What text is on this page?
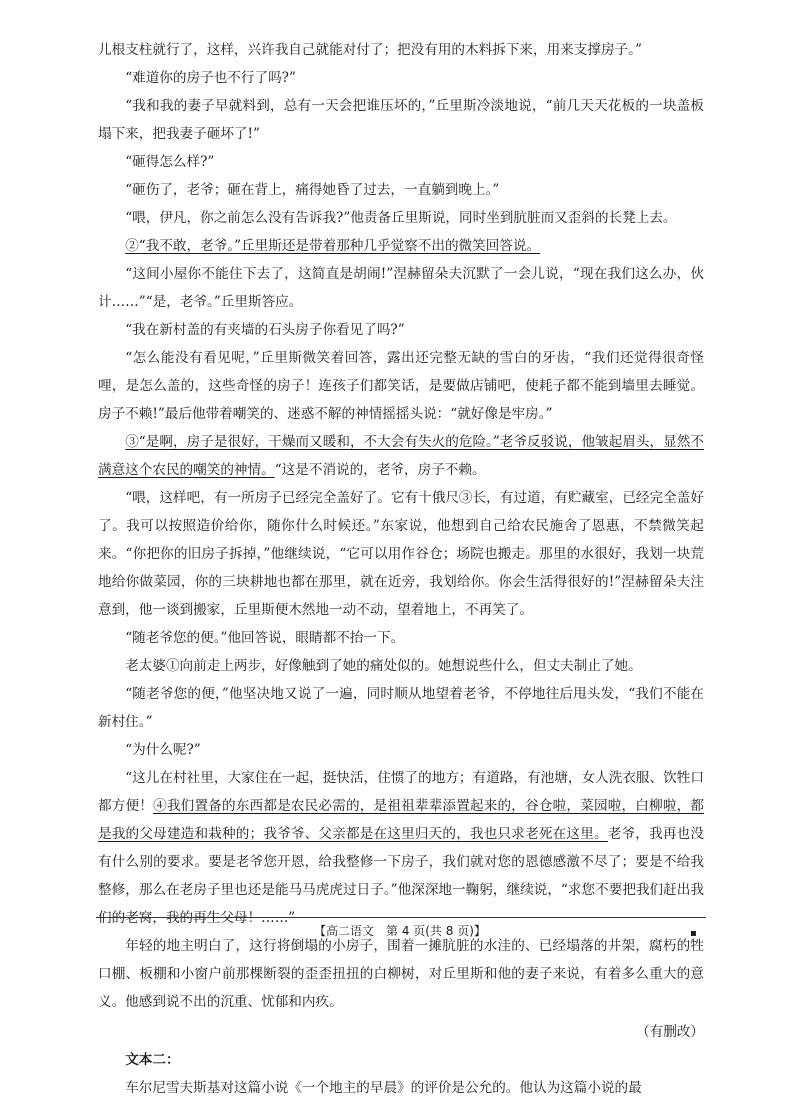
儿根支柱就行了，这样，兴许我自己就能对付了；把没有用的木料拆下来，用来支撑房子。”

“难道你的房子也不行了吗?”

“我和我的妻子早就料到，总有一天会把谁压坏的，”丘里斯冷淡地说，“前几天天花板的一块盖板塌下来，把我妻子砸坏了!”

“砸得怎么样?”

“砸伤了，老爷；砸在背上，痛得她昏了过去，一直躺到晚上。”

“喂，伊凡，你之前怎么没有告诉我?”他责备丘里斯说，同时坐到肮脏而又歪斜的长凳上去。

②“我不敢，老爷。”丘里斯还是带着那种几乎觉察不出的微笑回答说。

“这间小屋你不能住下去了，这简直是胡闹!”涅赫留朵夫沉默了一会儿说，“现在我们这么办，伙计……”“是，老爷。”丘里斯答应。

“我在新村盖的有夹墙的石头房子你看见了吗?”

“怎么能没有看见呢，”丘里斯微笑着回答，露出还完整无缺的雪白的牙齿，“我们还觉得很奇怪哩，是怎么盖的，这些奇怪的房子！连孩子们都笑话，是要做店铺吧，使耗子都不能到墙里去睡觉。房子不赖!”最后他带着嘲笑的、迷惑不解的神情摇摇头说：“就好像是牢房。”

③“是啊，房子是很好，干燥而又暖和，不大会有失火的危险。”老爷反驳说，他皱起眉头，显然不满意这个农民的嘲笑的神情。“这是不消说的，老爷，房子不赖。

“喂，这样吧，有一所房子已经完全盖好了。它有十俄尺③长，有过道，有贮藏室，已经完全盖好了。我可以按照造价给你，随你什么时候还。”东家说，他想到自己给农民施舍了恩惠，不禁微笑起来。“你把你的旧房子拆掉，”他继续说，“它可以用作谷仓；场院也搬走。那里的水很好，我划一块荒地给你做菜园，你的三块耕地也都在那里，就在近旁，我划给你。你会生活得很好的!”涅赫留朵夫注意到，他一谈到搬家，丘里斯便木然地一动不动，望着地上，不再笑了。

“随老爷您的便。”他回答说，眼睛都不抬一下。

老太婆①向前走上两步，好像触到了她的痛处似的。她想说些什么，但丈夫制止了她。

“随老爷您的便，”他坚决地又说了一遍，同时顺从地望着老爷，不停地往后甩头发，“我们不能在新村住。”

“为什么呢?”

“这儿在村社里，大家住在一起，挺快活，住惯了的地方；有道路，有池塘，女人洗衣服、饮牲口都方便！④我们置备的东西都是农民必需的，是祖祖辈辈添置起来的，谷仓啦，菜园啦，白柳啦，都是我的父母建造和栽种的；我爷爷、父亲都是在这里归天的，我也只求老死在这里。老爷，我再也没有什么别的要求。要是老爷您开恩，给我整修一下房子，我们就对您的恩德感激不尽了；要是不给我整修，那么在老房子里也还是能马马虎虎过日子。”他深深地一鞠躬，继续说，“求您不要把我们赶出我们的老窝，我的再生父母！……”

年轻的地主明白了，这行将倒塌的小房子，围着一摊肮脏的水洼的、已经塌落的井架，腐朽的牲口棚、板棚和小窗户前那棵断裂的歪歪扭扭的白柳树，对丘里斯和他的妻子来说，有着多么重大的意义。他感到说不出的沉重、忧郁和内疚。

（有删改）

文本二：

车尔尼雪夫斯基对这篇小说《一个地主的早晨》的评价是公允的。他认为这篇小说的最

【高二语文　第 4 页(共 8 页)】	▪
